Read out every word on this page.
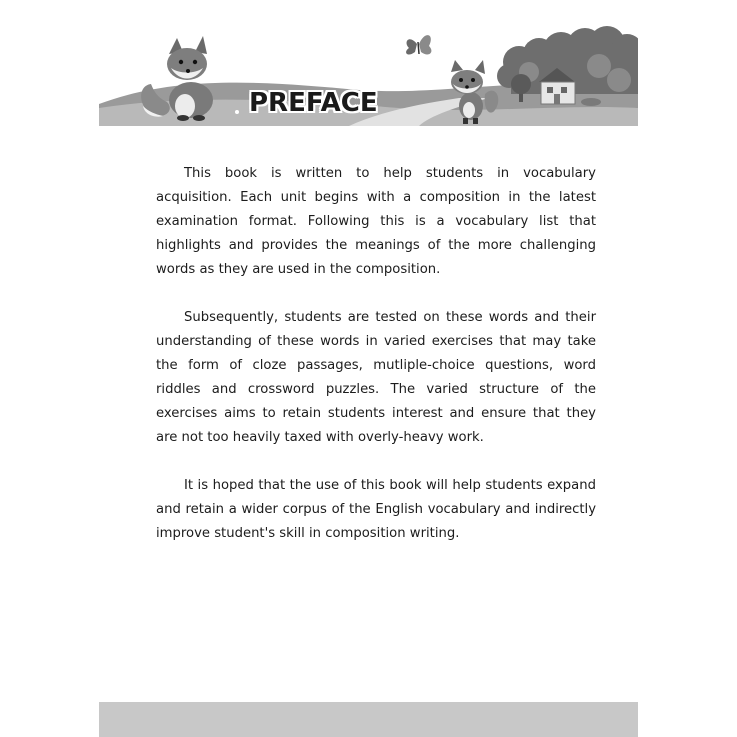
PREFACE

This book is written to help students in vocabulary acquisition. Each unit begins with a composition in the latest examination format. Following this is a vocabulary list that highlights and provides the meanings of the more challenging words as they are used in the composition.

Subsequently, students are tested on these words and their understanding of these words in varied exercises that may take the form of cloze passages, mutliple-choice questions, word riddles and crossword puzzles. The varied structure of the exercises aims to retain students interest and ensure that they are not too heavily taxed with overly-heavy work.

It is hoped that the use of this book will help students expand and retain a wider corpus of the English vocabulary and indirectly improve student's skill in composition writing.
